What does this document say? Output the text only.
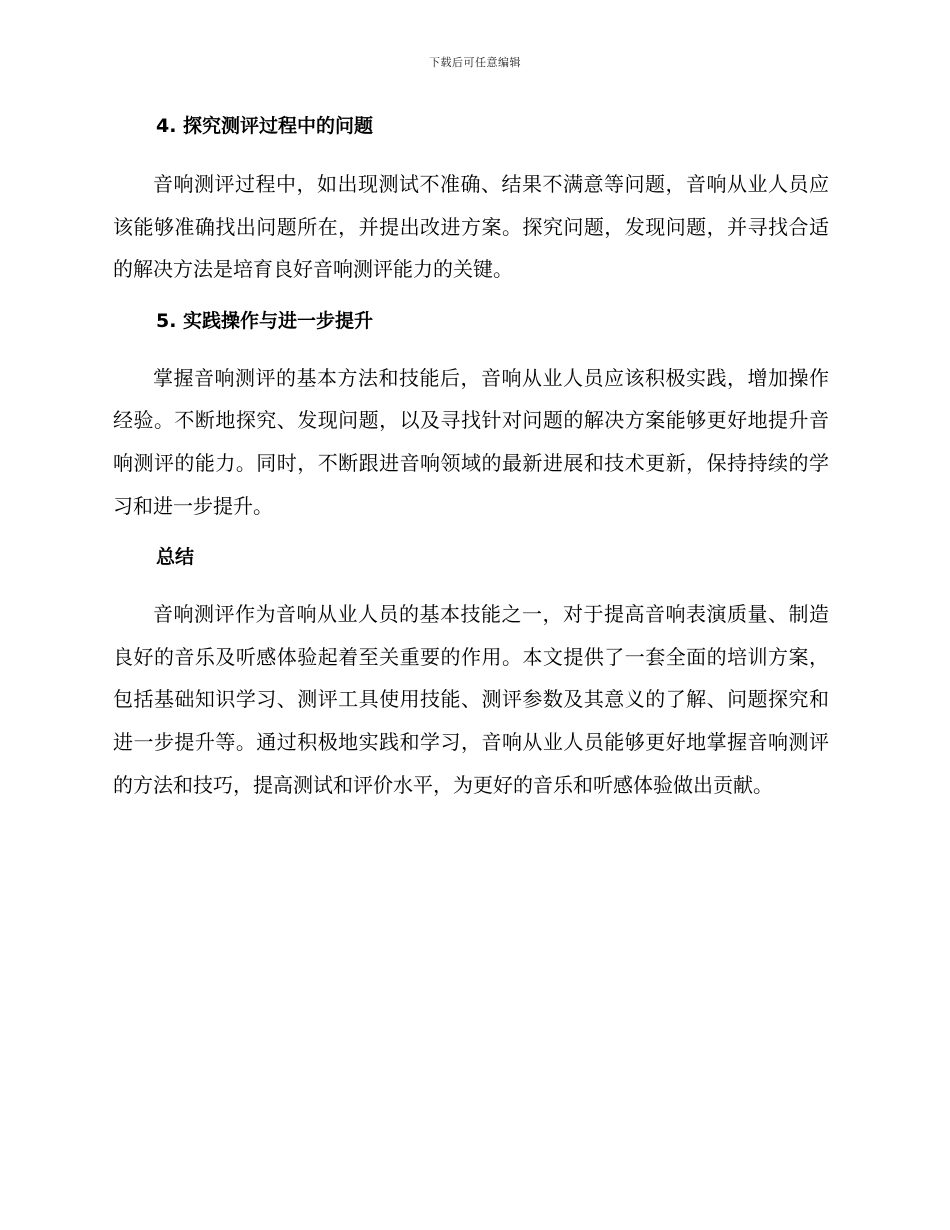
下载后可任意编辑
4. 探究测评过程中的问题

音响测评过程中，如出现测试不准确、结果不满意等问题，音响从业人员应该能够准确找出问题所在，并提出改进方案。探究问题，发现问题，并寻找合适的解决方法是培育良好音响测评能力的关键。

5. 实践操作与进一步提升

掌握音响测评的基本方法和技能后，音响从业人员应该积极实践，增加操作经验。不断地探究、发现问题，以及寻找针对问题的解决方案能够更好地提升音响测评的能力。同时，不断跟进音响领域的最新进展和技术更新，保持持续的学习和进一步提升。

总结

音响测评作为音响从业人员的基本技能之一，对于提高音响表演质量、制造良好的音乐及听感体验起着至关重要的作用。本文提供了一套全面的培训方案，包括基础知识学习、测评工具使用技能、测评参数及其意义的了解、问题探究和进一步提升等。通过积极地实践和学习，音响从业人员能够更好地掌握音响测评的方法和技巧，提高测试和评价水平，为更好的音乐和听感体验做出贡献。
